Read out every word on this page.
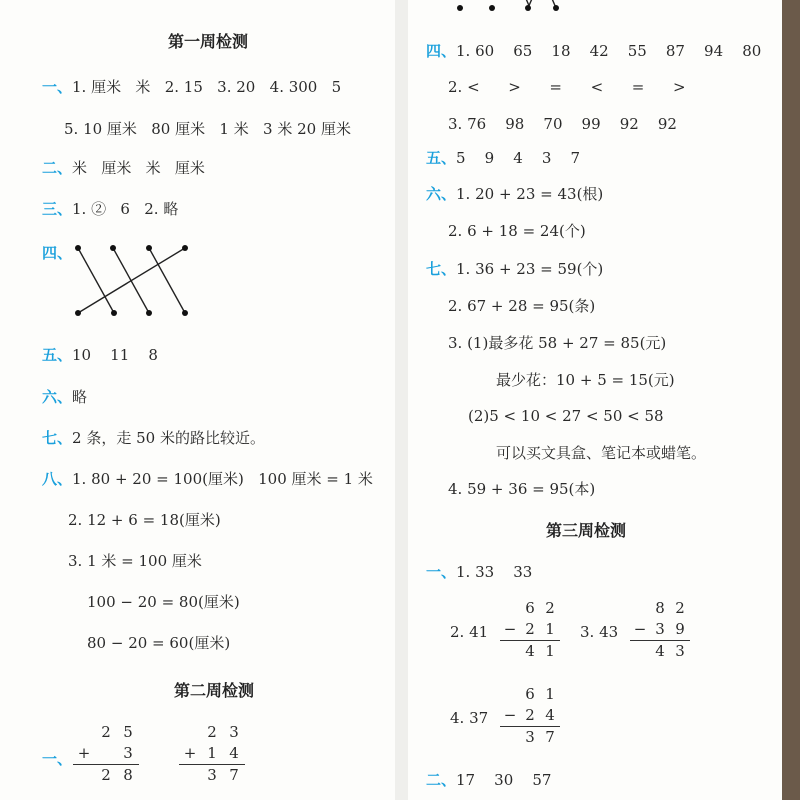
第一周检测
一、1. 厘米   米   2. 15   3. 20   4. 300   5
5. 10 厘米   80 厘米   1 米   3 米 20 厘米
二、米   厘米   米   厘米
三、1. ②   6   2. 略
四、
五、10    11    8
六、略
七、2 条，走 50 米的路比较近。
八、1. 80 + 20 = 100(厘米)   100 厘米 = 1 米
2. 12 + 6 = 18(厘米)
3. 1 米 = 100 厘米
100 − 20 = 80(厘米)
80 − 20 = 60(厘米)
第二周检测
一、
2 5
+	3
2 8
2 3
+ 1 4
3 7
四、1. 60    65    18    42    55    87    94    80
2. <      >      =      <      =      >
3. 76    98    70    99    92    92
五、5    9    4    3    7
六、1. 20 + 23 = 43(根)
2. 6 + 18 = 24(个)
七、1. 36 + 23 = 59(个)
2. 67 + 28 = 95(条)
3. (1)最多花 58 + 27 = 85(元)
最少花：10 + 5 = 15(元)
(2)5 < 10 < 27 < 50 < 58
可以买文具盒、笔记本或蜡笔。
4. 59 + 36 = 95(本)
第三周检测
一、1. 33    33
2. 41
6 2
− 2 1
4 1
3. 43
8 2
− 3 9
4 3
4. 37
6 1
− 2 4
3 7
二、17    30    57
